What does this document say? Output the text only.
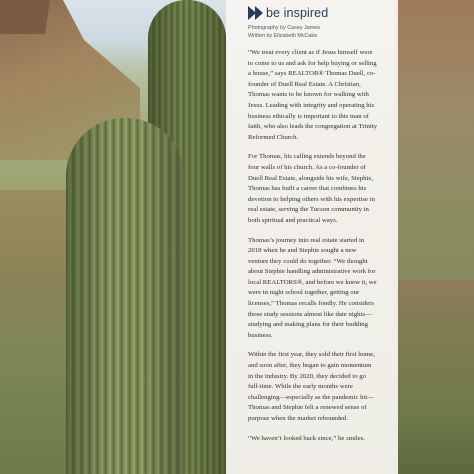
be inspired
Photography by Casey James
Written by Elizabeth McCabe

“We treat every client as if Jesus himself were to come to us and ask for help buying or selling a house,” says REALTOR® Thomas Duell, co-founder of Duell Real Estate. A Christian, Thomas wants to be known for walking with Jesus. Leading with integrity and operating his business ethically is important to this man of faith, who also leads the congregation at Trinity Reformed Church.

For Thomas, his calling extends beyond the four walls of his church. As a co-founder of Duell Real Estate, alongside his wife, Stephie, Thomas has built a career that combines his devotion to helping others with his expertise in real estate, serving the Tucson community in both spiritual and practical ways.

Thomas’s journey into real estate started in 2018 when he and Stephie sought a new venture they could do together. “We thought about Stephie handling administrative work for local REALTORS®, and before we knew it, we were in night school together, getting our licenses,” Thomas recalls fondly. He considers those study sessions almost like date nights—studying and making plans for their budding business.

Within the first year, they sold their first home, and soon after, they began to gain momentum in the industry. By 2020, they decided to go full-time. While the early months were challenging—especially as the pandemic hit—Thomas and Stephie felt a renewed sense of purpose when the market rebounded.

“We haven’t looked back since,” he smiles.
